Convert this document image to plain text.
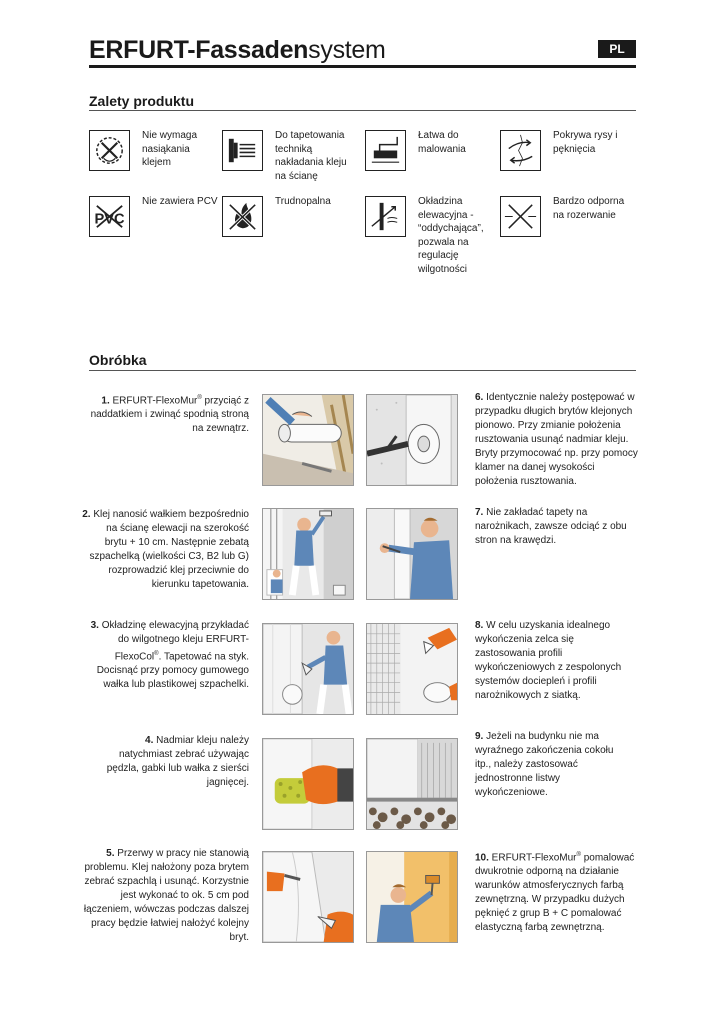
ERFURT-Fassadensystem	PL
Zalety produktu
Nie wymaga nasiąkania klejem
Do tapetowania techniką nakładania kleju na ścianę
Łatwa do malowania
Pokrywa rysy i pęknięcia
PVC
Nie zawiera PCV	Trudnopalna	Okładzina elewacyjna - “oddychająca”, pozwala na regulację wilgotności
Bardzo odporna na rozerwanie
Obróbka
1. ERFURT-FlexoMur® przyciąć z naddatkiem i zwinąć spodnią stroną na zewnątrz.
6. Identycznie należy postępować w przypadku długich brytów klejonych pionowo. Przy zmianie położenia rusztowania usunąć nadmiar kleju. Bryty przymocować np. przy pomocy klamer na danej wysokości położenia rusztowania.
2. Klej nanosić wałkiem bezpośrednio na ścianę elewacji na szerokość brytu + 10 cm. Następnie zebatą szpachelką (wielkości C3, B2 lub G) rozprowadzić klej przeciwnie do kierunku tapetowania.
7. Nie zakładać tapety na narożnikach, zawsze odciąć z obu stron na krawędzi.
3. Okładzinę elewacyjną przykładać do wilgotnego kleju ERFURT-FlexoCol®. Tapetować na styk. Docisnąć przy pomocy gumowego wałka lub plastikowej szpachelki.
8. W celu uzyskania idealnego wykończenia zelca się zastosowania profili wykończeniowych z zespolonych systemów dociepleń i profili narożnikowych z siatką.
4. Nadmiar kleju należy natychmiast zebrać używając pędzla, gabki lub wałka z sierści jagnięcej.
9. Jeżeli na budynku nie ma wyraźnego zakończenia cokołu itp., należy zastosować jednostronne listwy wykończeniowe.
5. Przerwy w pracy nie stanowią problemu. Klej nałożony poza brytem zebrać szpachlą i usunąć. Korzystnie jest wykonać to ok. 5 cm pod łączeniem, wówczas podczas dalszej pracy będzie łatwiej nałożyć kolejny bryt.
10. ERFURT-FlexoMur® pomalować dwukrotnie odporną na działanie warunków atmosferycznych farbą zewnętrzną. W przypadku dużych pęknięć z grup B + C pomalować elastyczną farbą zewnętrzną.
